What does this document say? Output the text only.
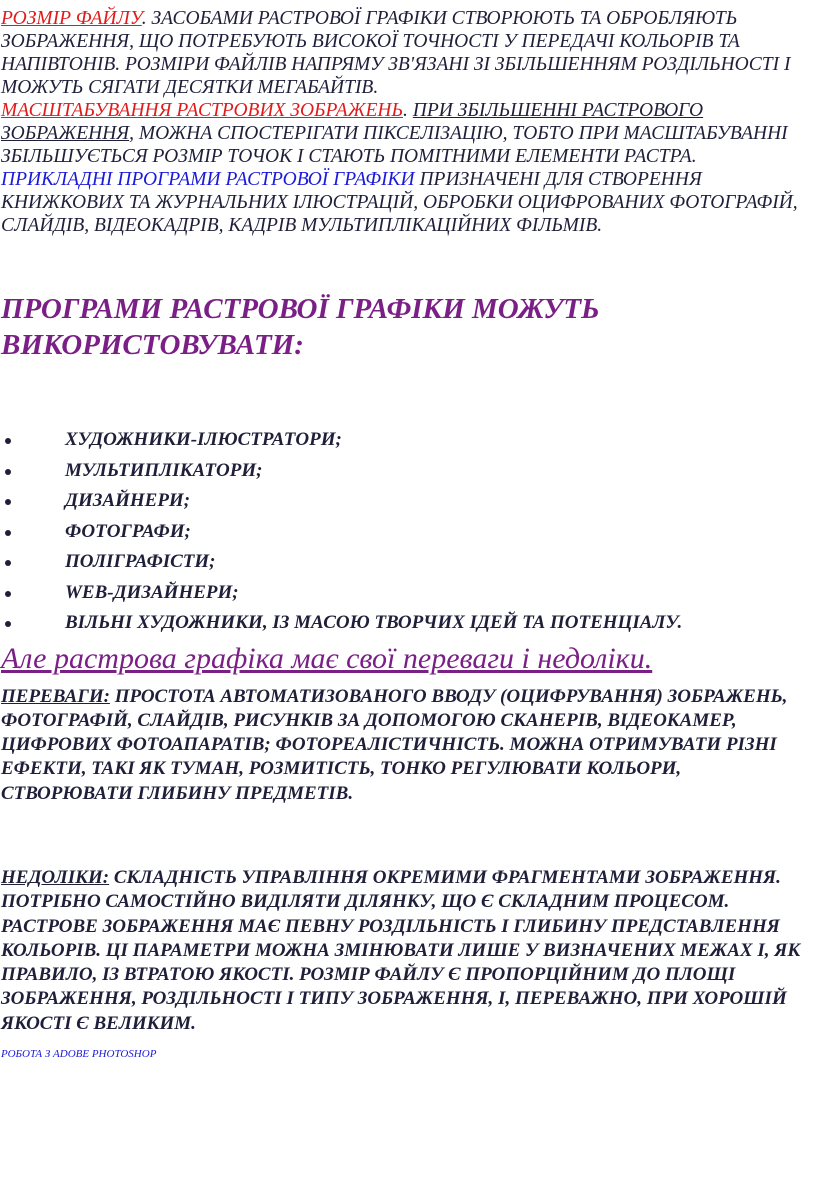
РОЗМІР ФАЙЛУ. ЗАСОБАМИ РАСТРОВОЇ ГРАФІКИ СТВОРЮЮТЬ ТА ОБРОБЛЯЮТЬ ЗОБРАЖЕННЯ, ЩО ПОТРЕБУЮТЬ ВИСОКОЇ ТОЧНОСТІ У ПЕРЕДАЧІ КОЛЬОРІВ ТА НАПІВТОНІВ. РОЗМІРИ ФАЙЛІВ НАПРЯМУ ЗВ'ЯЗАНІ ЗІ ЗБІЛЬШЕННЯМ РОЗДІЛЬНОСТІ І МОЖУТЬ СЯГАТИ ДЕСЯТКИ МЕГАБАЙТІВ.

МАСШТАБУВАННЯ РАСТРОВИХ ЗОБРАЖЕНЬ. ПРИ ЗБІЛЬШЕННІ РАСТРОВОГО ЗОБРАЖЕННЯ, МОЖНА СПОСТЕРІГАТИ ПІКСЕЛІЗАЦІЮ, ТОБТО ПРИ МАСШТАБУВАННІ ЗБІЛЬШУЄТЬСЯ РОЗМІР ТОЧОК І СТАЮТЬ ПОМІТНИМИ ЕЛЕМЕНТИ РАСТРА.

ПРИКЛАДНІ ПРОГРАМИ РАСТРОВОЇ ГРАФІКИ ПРИЗНАЧЕНІ ДЛЯ СТВОРЕННЯ КНИЖКОВИХ ТА ЖУРНАЛЬНИХ ІЛЮСТРАЦІЙ, ОБРОБКИ ОЦИФРОВАНИХ ФОТОГРАФІЙ, СЛАЙДІВ, ВІДЕОКАДРІВ, КАДРІВ МУЛЬТИПЛІКАЦІЙНИХ ФІЛЬМІВ.

ПРОГРАМИ РАСТРОВОЇ ГРАФІКИ МОЖУТЬ ВИКОРИСТОВУВАТИ:
ХУДОЖНИКИ-ІЛЮСТРАТОРИ;
МУЛЬТИПЛІКАТОРИ;
ДИЗАЙНЕРИ;
ФОТОГРАФИ;
ПОЛІГРАФІСТИ;
WEB-ДИЗАЙНЕРИ;
ВІЛЬНІ ХУДОЖНИКИ, ІЗ МАСОЮ ТВОРЧИХ ІДЕЙ ТА ПОТЕНЦІАЛУ.
Але растрова графіка має свої переваги і недоліки.

ПЕРЕВАГИ: ПРОСТОТА АВТОМАТИЗОВАНОГО ВВОДУ (ОЦИФРУВАННЯ) ЗОБРАЖЕНЬ, ФОТОГРАФІЙ, СЛАЙДІВ, РИСУНКІВ ЗА ДОПОМОГОЮ СКАНЕРІВ, ВІДЕОКАМЕР, ЦИФРОВИХ ФОТОАПАРАТІВ; ФОТОРЕАЛІСТИЧНІСТЬ. МОЖНА ОТРИМУВАТИ РІЗНІ ЕФЕКТИ, ТАКІ ЯК ТУМАН, РОЗМИТІСТЬ, ТОНКО РЕГУЛЮВАТИ КОЛЬОРИ, СТВОРЮВАТИ ГЛИБИНУ ПРЕДМЕТІВ.

НЕДОЛІКИ: СКЛАДНІСТЬ УПРАВЛІННЯ ОКРЕМИМИ ФРАГМЕНТАМИ ЗОБРАЖЕННЯ. ПОТРІБНО САМОСТІЙНО ВИДІЛЯТИ ДІЛЯНКУ, ЩО Є СКЛАДНИМ ПРОЦЕСОМ. РАСТРОВЕ ЗОБРАЖЕННЯ МАЄ ПЕВНУ РОЗДІЛЬНІСТЬ І ГЛИБИНУ ПРЕДСТАВЛЕННЯ КОЛЬОРІВ. ЦІ ПАРАМЕТРИ МОЖНА ЗМІНЮВАТИ ЛИШЕ У ВИЗНАЧЕНИХ МЕЖАХ І, ЯК ПРАВИЛО, ІЗ ВТРАТОЮ ЯКОСТІ. РОЗМІР ФАЙЛУ Є ПРОПОРЦІЙНИМ ДО ПЛОЩІ ЗОБРАЖЕННЯ, РОЗДІЛЬНОСТІ І ТИПУ ЗОБРАЖЕННЯ, І, ПЕРЕВАЖНО, ПРИ ХОРОШІЙ ЯКОСТІ Є ВЕЛИКИМ.

РОБОТА З ADOBE PHOTOSHOP
